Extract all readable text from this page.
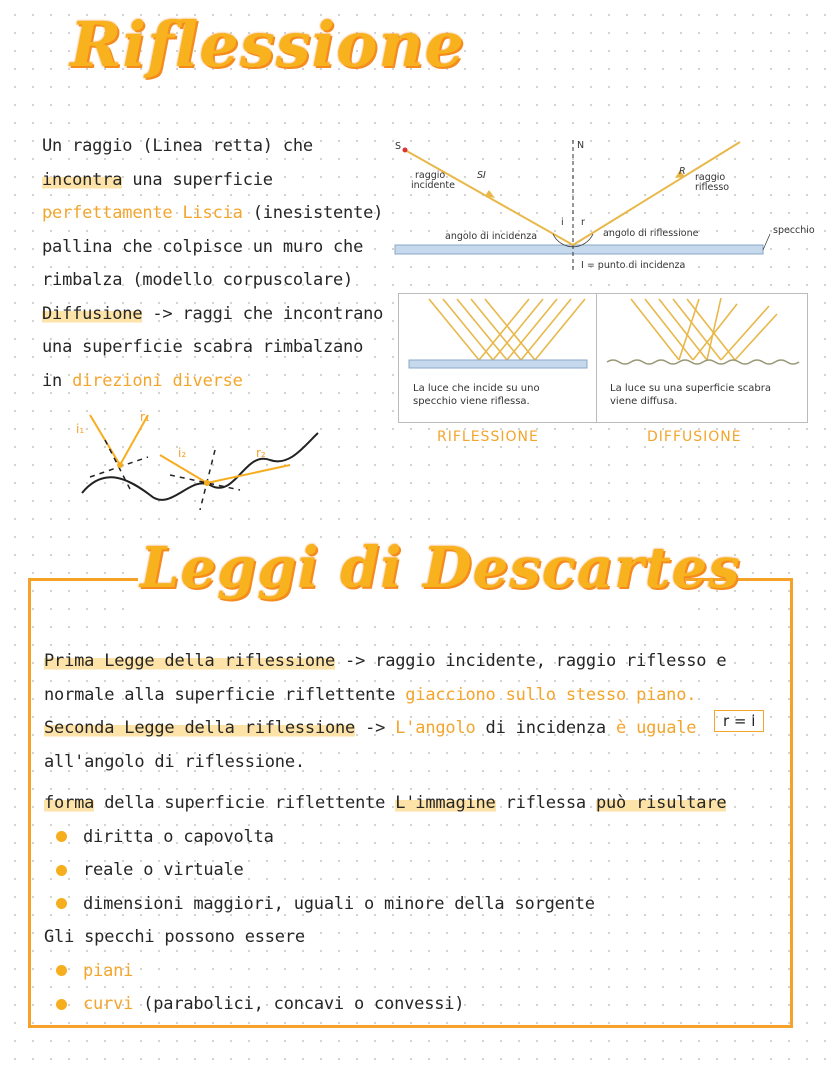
Riflessione
Un raggio (Linea retta) che
incontra una superficie
perfettamente Liscia (inesistente)
pallina che colpisce un muro che
rimbalza (modello corpuscolare)
Diffusione -> raggi che incontrano
una superficie scabra rimbalzano
in direzioni diverse
i₁
r₁
i₂	r₂
S	N
SI	R
i r
raggio
incidente
raggio
riflesso
angolo di incidenza	angolo di riflessione	specchio
I = punto di incidenza
La luce che incide su uno
specchio viene riflessa.
La luce su una superficie scabra
viene diffusa.
RIFLESSIONE	DIFFUSIONE
Leggi di Descartes
Prima Legge della riflessione -> raggio incidente, raggio riflesso e
normale alla superficie riflettente giacciono sullo stesso piano.
Seconda Legge della riflessione -> L'angolo di incidenza è uguale
all'angolo di riflessione.
forma della superficie riflettente L'immagine riflessa può risultare
diritta o capovolta
reale o virtuale
dimensioni maggiori, uguali o minore della sorgente
Gli specchi possono essere
piani
curvi (parabolici, concavi o convessi)
r = i
